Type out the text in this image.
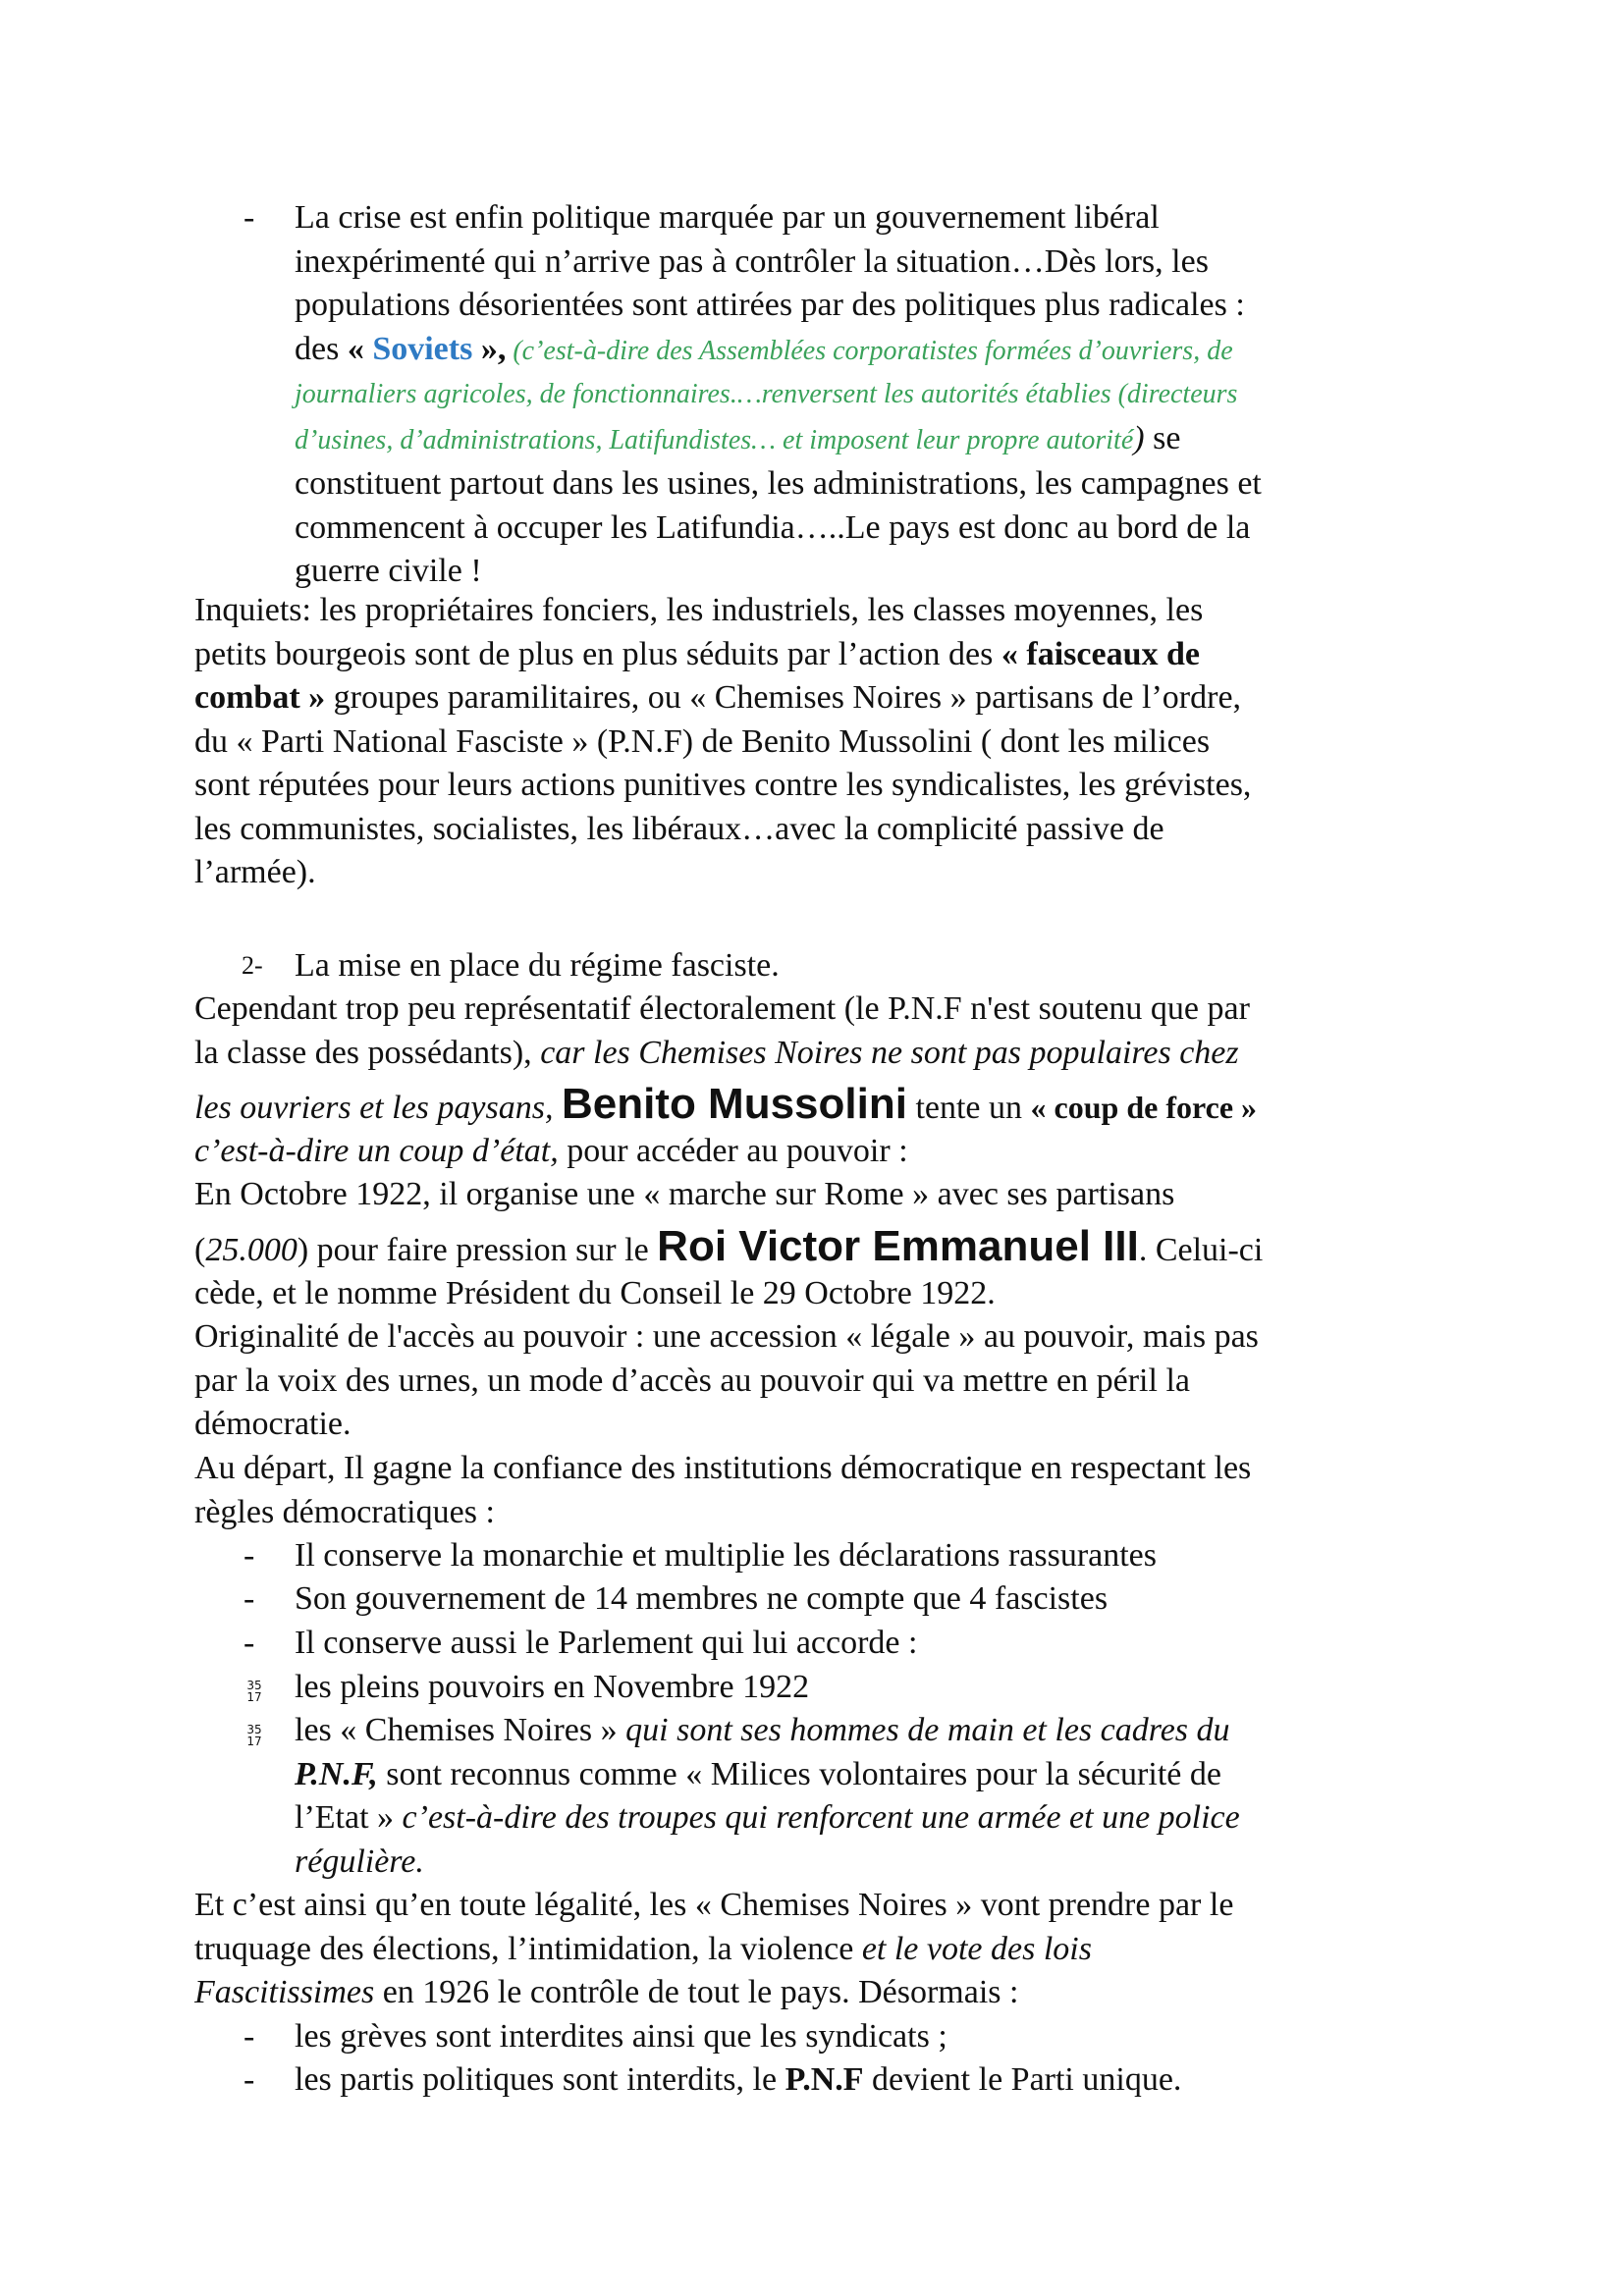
- La crise est enfin politique marquée par un gouvernement libéral
inexpérimenté qui n’arrive pas à contrôler la situation…Dès lors, les
populations désorientées sont attirées par des politiques plus radicales :
des « Soviets », (c’est-à-dire des Assemblées corporatistes formées d’ouvriers, de
journaliers agricoles, de fonctionnaires.…renversent les autorités établies (directeurs
d’usines, d’administrations, Latifundistes… et imposent leur propre autorité) se
constituent partout dans les usines, les administrations, les campagnes et
commencent à occuper les Latifundia…..Le pays est donc au bord de la
guerre civile !
Inquiets: les propriétaires fonciers, les industriels, les classes moyennes, les
petits bourgeois sont de plus en plus séduits par l’action des « faisceaux de
combat » groupes paramilitaires, ou « Chemises Noires » partisans de l’ordre,
du « Parti National Fasciste » (P.N.F) de Benito Mussolini ( dont les milices
sont réputées pour leurs actions punitives contre les syndicalistes, les grévistes,
les communistes, socialistes, les libéraux…avec la complicité passive de
l’armée).
2- La mise en place du régime fasciste.
Cependant trop peu représentatif électoralement (le P.N.F n'est soutenu que par
la classe des possédants), car les Chemises Noires ne sont pas populaires chez
les ouvriers et les paysans, Benito Mussolini tente un « coup de force »
c’est-à-dire un coup d’état, pour accéder au pouvoir :
En Octobre 1922, il organise une « marche sur Rome » avec ses partisans
(25.000) pour faire pression sur le Roi Victor Emmanuel III. Celui-ci
cède, et le nomme Président du Conseil le 29 Octobre 1922.
Originalité de l'accès au pouvoir : une accession « légale » au pouvoir, mais pas
par la voix des urnes, un mode d’accès au pouvoir qui va mettre en péril la
démocratie.
Au départ, Il gagne la confiance des institutions démocratique en respectant les
règles démocratiques :
- Il conserve la monarchie et multiplie les déclarations rassurantes
- Son gouvernement de 14 membres ne compte que 4 fascistes
- Il conserve aussi le Parlement qui lui accorde :
35
17 les pleins pouvoirs en Novembre 1922
35
17 les « Chemises Noires » qui sont ses hommes de main et les cadres du
P.N.F, sont reconnus comme « Milices volontaires pour la sécurité de
l’Etat » c’est-à-dire des troupes qui renforcent une armée et une police
régulière.
Et c’est ainsi qu’en toute légalité, les « Chemises Noires » vont prendre par le
truquage des élections, l’intimidation, la violence et le vote des lois
Fascitissimes en 1926 le contrôle de tout le pays. Désormais :
- les grèves sont interdites ainsi que les syndicats ;
- les partis politiques sont interdits, le P.N.F devient le Parti unique.
